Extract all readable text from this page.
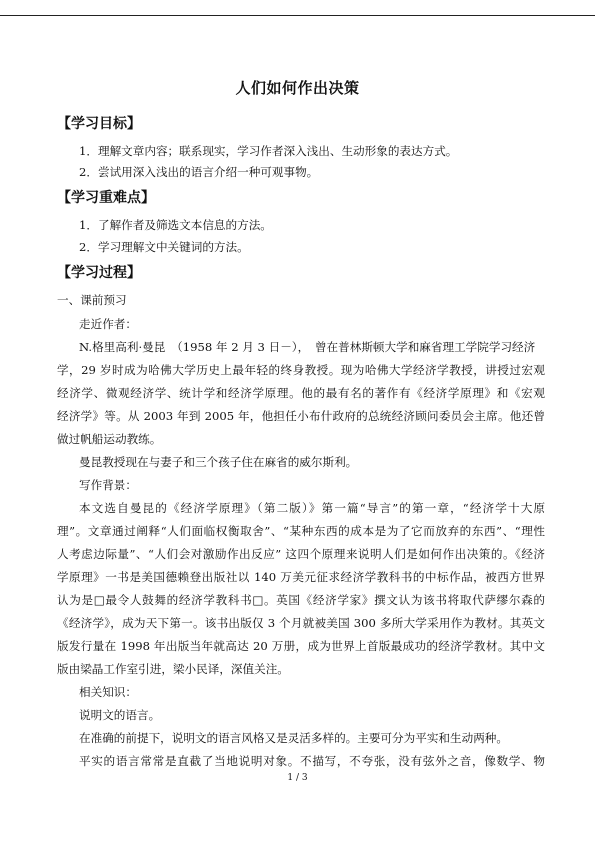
人们如何作出决策
【学习目标】
1．理解文章内容；联系现实，学习作者深入浅出、生动形象的表达方式。
2．尝试用深入浅出的语言介绍一种可观事物。
【学习重难点】
1．了解作者及筛选文本信息的方法。
2．学习理解文中关键词的方法。
【学习过程】
一、课前预习
走近作者：
N.格里高利·曼昆　（1958 年 2 月 3 日－），　曾在普林斯顿大学和麻省理工学院学习经济
学，29 岁时成为哈佛大学历史上最年轻的终身教授。现为哈佛大学经济学教授，讲授过宏观
经济学、微观经济学、统计学和经济学原理。他的最有名的著作有《经济学原理》和《宏观
经济学》等。从 2003 年到 2005 年，他担任小布什政府的总统经济顾问委员会主席。他还曾
做过帆船运动教练。
曼昆教授现在与妻子和三个孩子住在麻省的威尔斯利。
写作背景：
本文选自曼昆的《经济学原理》（第二版）》第一篇“导言”的第一章，“经济学十大原
理”。文章通过阐释“人们面临权衡取舍”、“某种东西的成本是为了它而放弃的东西”、“理性
人考虑边际量”、“人们会对激励作出反应” 这四个原理来说明人们是如何作出决策的。《经济
学原理》一书是美国德赖登出版社以 140 万美元征求经济学教科书的中标作品，被西方世界
认为是□最令人鼓舞的经济学教科书□。英国《经济学家》撰文认为该书将取代萨缪尔森的
《经济学》，成为天下第一。该书出版仅 3 个月就被美国 300 多所大学采用作为教材。其英文
版发行量在 1998 年出版当年就高达 20 万册，成为世界上首版最成功的经济学教材。其中文
版由梁晶工作室引进，梁小民译，深值关注。
相关知识：
说明文的语言。
在准确的前提下，说明文的语言风格又是灵活多样的。主要可分为平实和生动两种。
平实的语言常常是直截了当地说明对象。不描写，不夸张，没有弦外之音，像数学、物
1 / 3
